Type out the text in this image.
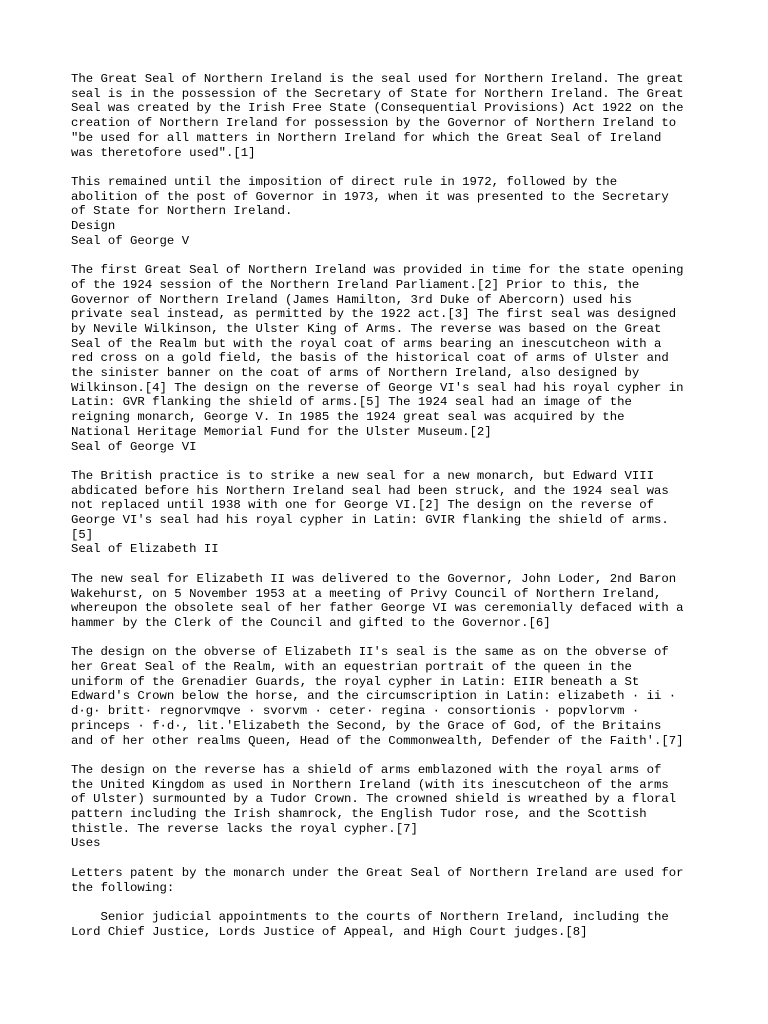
The Great Seal of Northern Ireland is the seal used for Northern Ireland. The great
seal is in the possession of the Secretary of State for Northern Ireland. The Great
Seal was created by the Irish Free State (Consequential Provisions) Act 1922 on the
creation of Northern Ireland for possession by the Governor of Northern Ireland to
"be used for all matters in Northern Ireland for which the Great Seal of Ireland
was theretofore used".[1]
This remained until the imposition of direct rule in 1972, followed by the
abolition of the post of Governor in 1973, when it was presented to the Secretary
of State for Northern Ireland.
Design
Seal of George V
The first Great Seal of Northern Ireland was provided in time for the state opening
of the 1924 session of the Northern Ireland Parliament.[2] Prior to this, the
Governor of Northern Ireland (James Hamilton, 3rd Duke of Abercorn) used his
private seal instead, as permitted by the 1922 act.[3] The first seal was designed
by Nevile Wilkinson, the Ulster King of Arms. The reverse was based on the Great
Seal of the Realm but with the royal coat of arms bearing an inescutcheon with a
red cross on a gold field, the basis of the historical coat of arms of Ulster and
the sinister banner on the coat of arms of Northern Ireland, also designed by
Wilkinson.[4] The design on the reverse of George VI's seal had his royal cypher in
Latin: GVR flanking the shield of arms.[5] The 1924 seal had an image of the
reigning monarch, George V. In 1985 the 1924 great seal was acquired by the
National Heritage Memorial Fund for the Ulster Museum.[2]
Seal of George VI
The British practice is to strike a new seal for a new monarch, but Edward VIII
abdicated before his Northern Ireland seal had been struck, and the 1924 seal was
not replaced until 1938 with one for George VI.[2] The design on the reverse of
George VI's seal had his royal cypher in Latin: GVIR flanking the shield of arms.
[5]
Seal of Elizabeth II
The new seal for Elizabeth II was delivered to the Governor, John Loder, 2nd Baron
Wakehurst, on 5 November 1953 at a meeting of Privy Council of Northern Ireland,
whereupon the obsolete seal of her father George VI was ceremonially defaced with a
hammer by the Clerk of the Council and gifted to the Governor.[6]
The design on the obverse of Elizabeth II's seal is the same as on the obverse of
her Great Seal of the Realm, with an equestrian portrait of the queen in the
uniform of the Grenadier Guards, the royal cypher in Latin: EIIR beneath a St
Edward's Crown below the horse, and the circumscription in Latin: elizabeth · ii ·
d·g· britt· regnorvmqve · svorvm · ceter· regina · consortionis · popvlorvm ·
princeps · f·d·, lit.'Elizabeth the Second, by the Grace of God, of the Britains
and of her other realms Queen, Head of the Commonwealth, Defender of the Faith'.[7]
The design on the reverse has a shield of arms emblazoned with the royal arms of
the United Kingdom as used in Northern Ireland (with its inescutcheon of the arms
of Ulster) surmounted by a Tudor Crown. The crowned shield is wreathed by a floral
pattern including the Irish shamrock, the English Tudor rose, and the Scottish
thistle. The reverse lacks the royal cypher.[7]
Uses
Letters patent by the monarch under the Great Seal of Northern Ireland are used for
the following:
Senior judicial appointments to the courts of Northern Ireland, including the
Lord Chief Justice, Lords Justice of Appeal, and High Court judges.[8]
